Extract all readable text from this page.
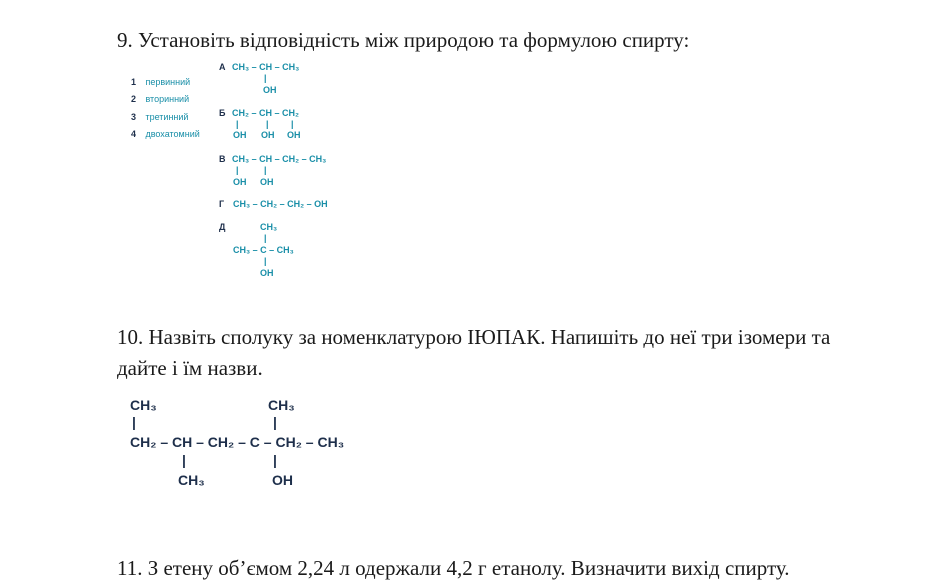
9. Установіть відповідність між природою та формулою спирту:

1 первинний
2 вторинний
3 третинний
4 двохатомний
А CH₃ – CH – CH₃
|
OH
Б CH₂ – CH – CH₂
|	| |
OH OH OH
В CH₃ – CH – CH₂ – CH₃
|	|
OH OH
Г CH₃ – CH₂ – CH₂ – OH
Д	CH₃
|
CH₃ – C – CH₃
|
OH

10. Назвіть сполуку за номенклатурою ІЮПАК. Напишіть до неї три ізомери та дайте і їм назви.

CH₃	CH₃
|	|
CH₂ – CH – CH₂ – C – CH₂ – CH₃
|	|
CH₃	OH

11. З етену об’ємом 2,24 л одержали 4,2 г етанолу. Визначити вихід спирту.
